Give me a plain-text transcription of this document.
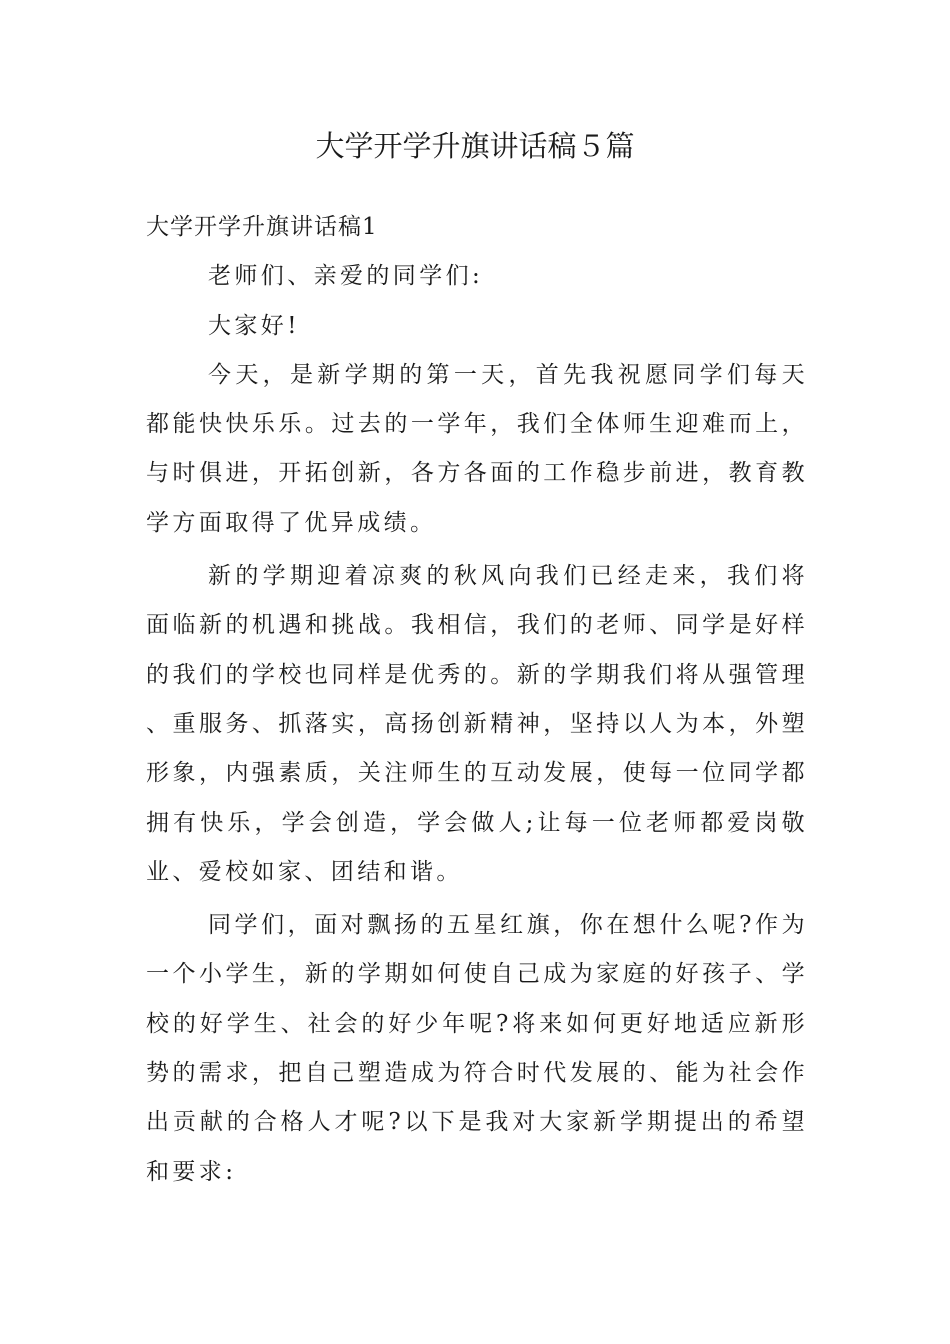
大学开学升旗讲话稿５篇

大学开学升旗讲话稿1

老师们、亲爱的同学们:

大家好!

今天，是新学期的第一天，首先我祝愿同学们每天都能快快乐乐。过去的一学年，我们全体师生迎难而上，与时俱进，开拓创新，各方各面的工作稳步前进，教育教学方面取得了优异成绩。

新的学期迎着凉爽的秋风向我们已经走来，我们将面临新的机遇和挑战。我相信，我们的老师、同学是好样的我们的学校也同样是优秀的。新的学期我们将从强管理、重服务、抓落实，高扬创新精神，坚持以人为本，外塑形象，内强素质，关注师生的互动发展，使每一位同学都拥有快乐，学会创造，学会做人;让每一位老师都爱岗敬业、爱校如家、团结和谐。

同学们，面对飘扬的五星红旗，你在想什么呢?作为一个小学生，新的学期如何使自己成为家庭的好孩子、学校的好学生、社会的好少年呢?将来如何更好地适应新形势的需求，把自己塑造成为符合时代发展的、能为社会作出贡献的合格人才呢?以下是我对大家新学期提出的希望和要求:
